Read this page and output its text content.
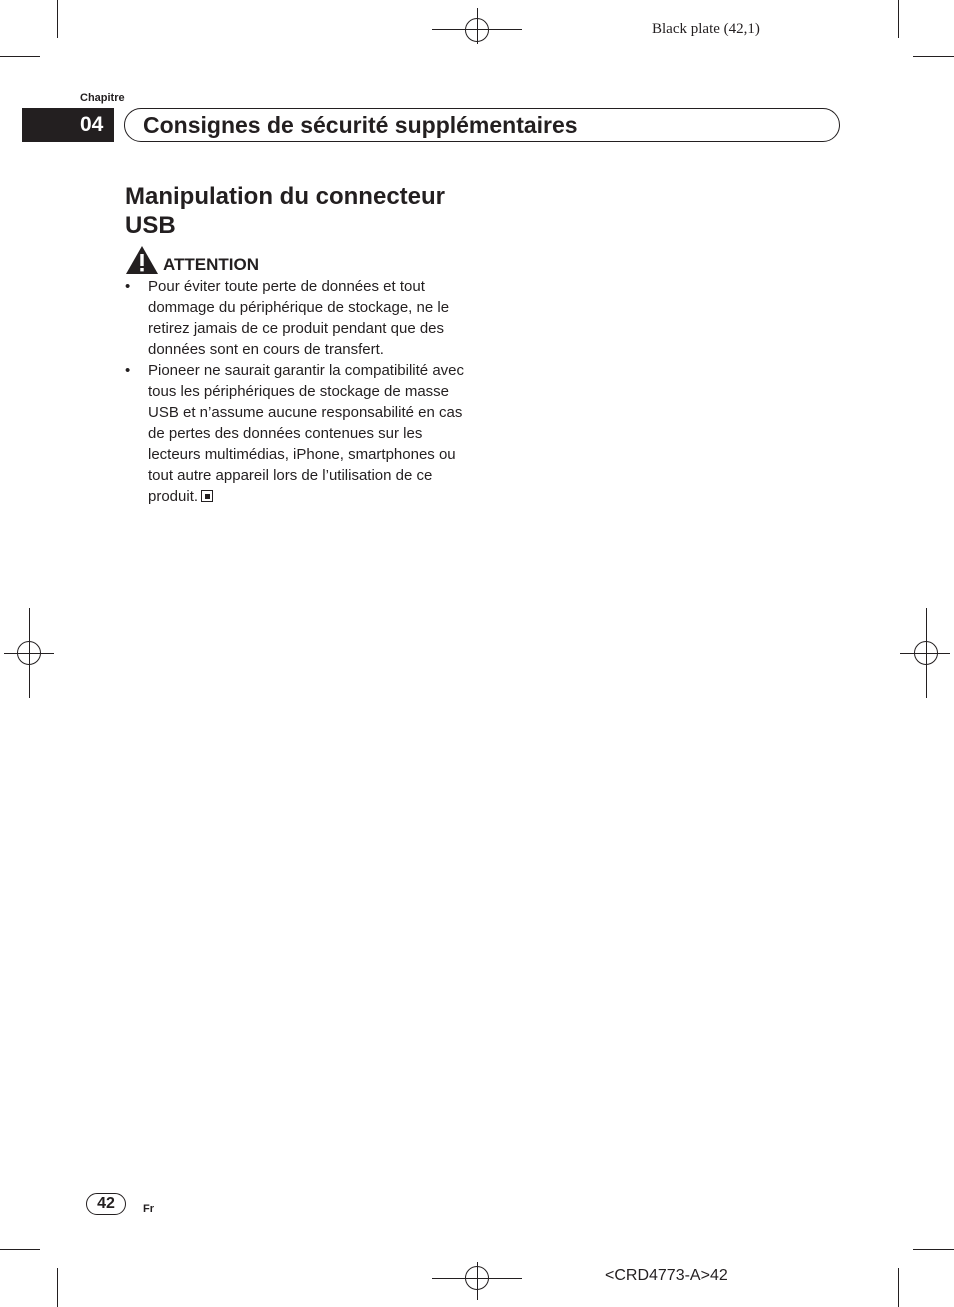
Black plate (42,1)
Chapitre
04	Consignes de sécurité supplémentaires
Manipulation du connecteur USB
ATTENTION
• Pour éviter toute perte de données et tout dommage du périphérique de stockage, ne le retirez jamais de ce produit pendant que des données sont en cours de transfert.
• Pioneer ne saurait garantir la compatibilité avec tous les périphériques de stockage de masse USB et n’assume aucune responsabilité en cas de pertes des données contenues sur les lecteurs multimédias, iPhone, smartphones ou tout autre appareil lors de l’utilisation de ce produit.
42	Fr
<CRD4773-A>42
